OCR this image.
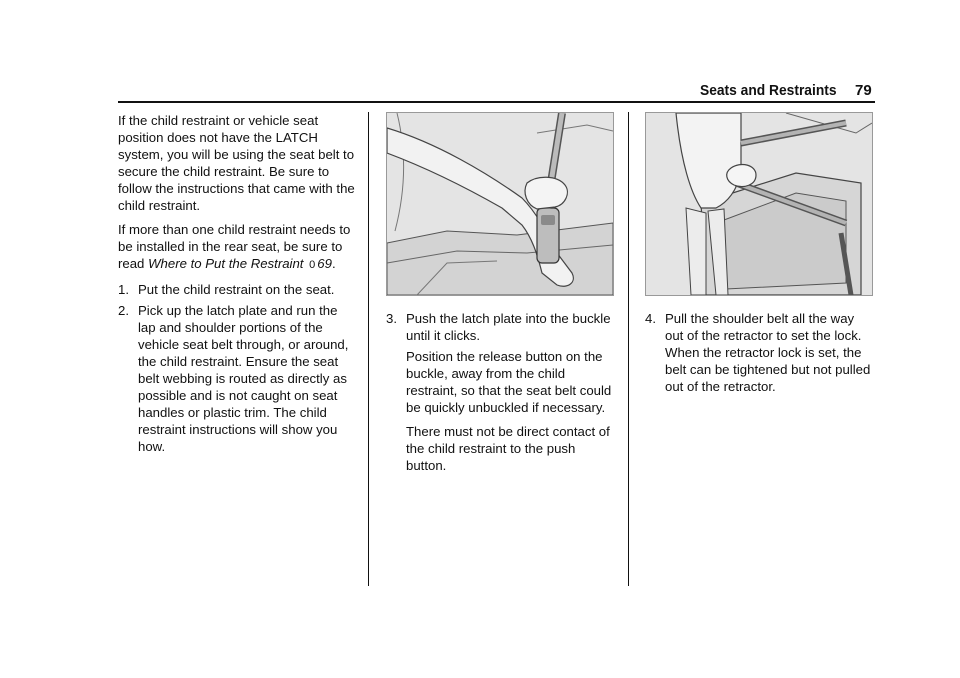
Seats and Restraints 79

If the child restraint or vehicle seat position does not have the LATCH system, you will be using the seat belt to secure the child restraint. Be sure to follow the instructions that came with the child restraint.

If more than one child restraint needs to be installed in the rear seat, be sure to read Where to Put the Restraint 0 69.

1. Put the child restraint on the seat.
2. Pick up the latch plate and run the lap and shoulder portions of the vehicle seat belt through, or around, the child restraint. Ensure the seat belt webbing is routed as directly as possible and is not caught on seat handles or plastic trim. The child restraint instructions will show you how.
3. Push the latch plate into the buckle until it clicks.

Position the release button on the buckle, away from the child restraint, so that the seat belt could be quickly unbuckled if necessary.

There must not be direct contact of the child restraint to the push button.

4. Pull the shoulder belt all the way out of the retractor to set the lock. When the retractor lock is set, the belt can be tightened but not pulled out of the retractor.
